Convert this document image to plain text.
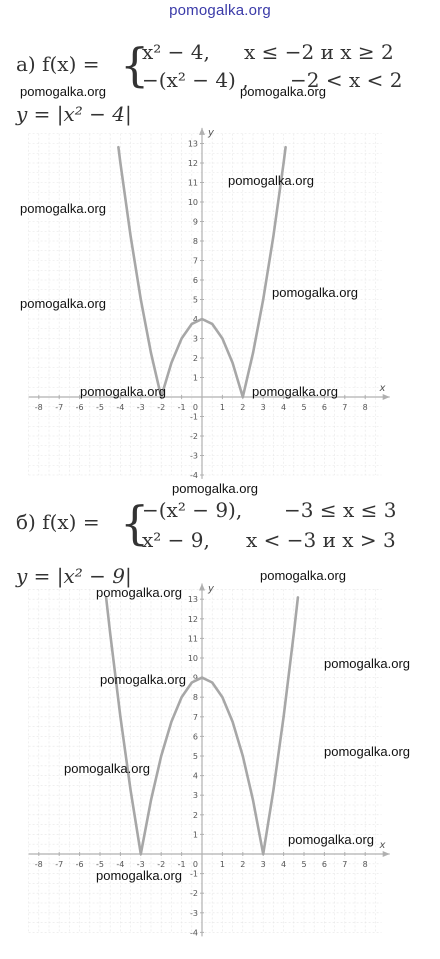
pomogalka.org
а) f(x) = {
x² − 4, x ≤ −2 и x ≥ 2
−(x² − 4) , −2 < x < 2
y = |x² − 4|
б) f(x) = {
−(x² − 9), −3 ≤ x ≤ 3
x² − 9, x < −3 и x > 3
y = |x² − 9|
x
y
-8 -7 -6 -5 -4 -3 -2 -1	1 2 3 4 5 6 7 8
-4
-3
-2
-1
1
2
3
4
5
6
7
8
9
10
11
12
13
0
x
y
-8 -7 -6 -5 -4 -3 -2 -1	1 2 3 4 5 6 7 8
-4
-3
-2
-1
1
2
3
4
5
6
7
8
9
10
11
12
13
0
pomogalka.org	pomogalka.org
pomogalka.org
pomogalka.org
pomogalka.org
pomogalka.org
pomogalka.org	pomogalka.org
pomogalka.org
pomogalka.org
pomogalka.org
pomogalka.org
pomogalka.org
pomogalka.org
pomogalka.org
pomogalka.org
pomogalka.org
